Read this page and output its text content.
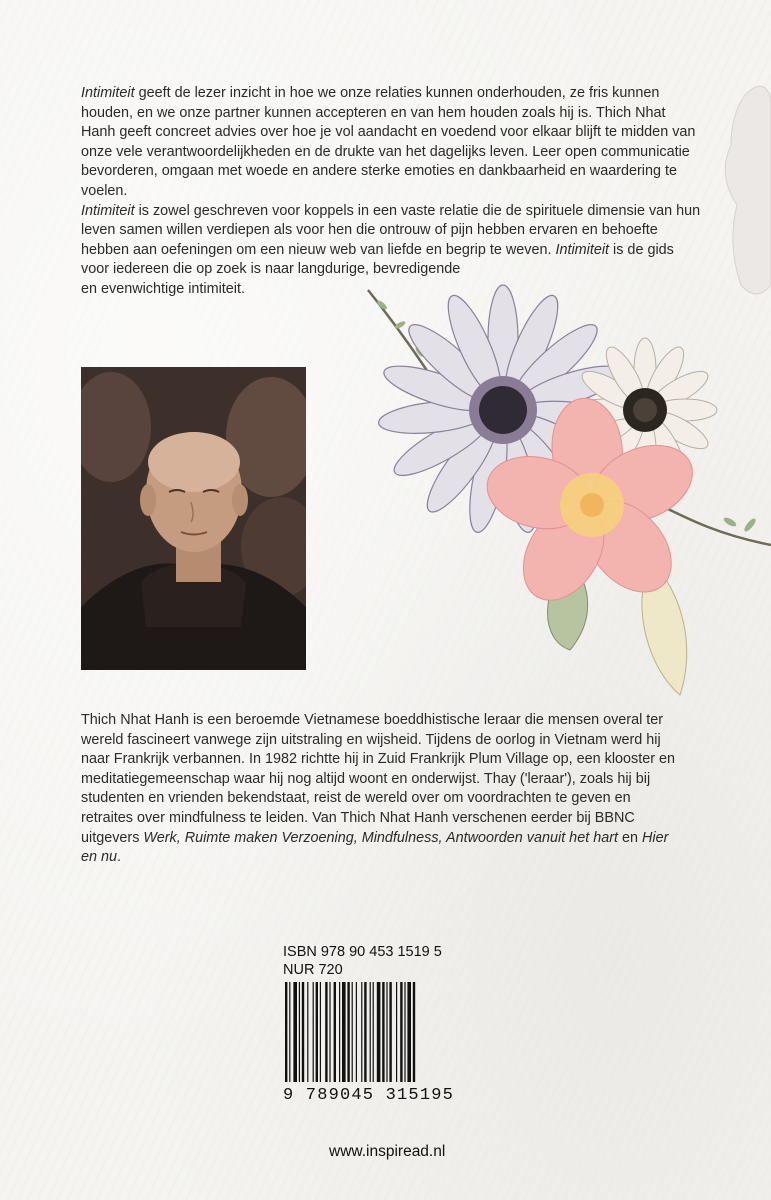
Intimiteit geeft de lezer inzicht in hoe we onze relaties kunnen onderhouden, ze fris kunnen houden, en we onze partner kunnen accepteren en van hem houden zoals hij is. Thich Nhat Hanh geeft concreet advies over hoe je vol aandacht en voedend voor elkaar blijft te midden van onze vele verantwoordelijkheden en de drukte van het dagelijks leven. Leer open communicatie bevorderen, omgaan met woede en andere sterke emoties en dankbaarheid en waardering te voelen.

Intimiteit is zowel geschreven voor koppels in een vaste relatie die de spirituele dimensie van hun leven samen willen verdiepen als voor hen die ontrouw of pijn hebben ervaren en behoefte hebben aan oefeningen om een nieuw web van liefde en begrip te weven. Intimiteit is de gids voor iedereen die op zoek is naar langdurige, bevredigende

en evenwichtige intimiteit.

Thich Nhat Hanh is een beroemde Vietnamese boeddhistische leraar die mensen overal ter wereld fascineert vanwege zijn uitstraling en wijsheid. Tijdens de oorlog in Vietnam werd hij naar Frankrijk verbannen. In 1982 richtte hij in Zuid Frankrijk Plum Village op, een klooster en meditatiegemeenschap waar hij nog altijd woont en onderwijst. Thay ('leraar'), zoals hij bij studenten en vrienden bekendstaat, reist de wereld over om voordrachten te geven en retraites over mindfulness te leiden. Van Thich Nhat Hanh verschenen eerder bij BBNC uitgevers Werk, Ruimte maken Verzoening, Mindfulness, Antwoorden vanuit het hart en Hier en nu.

ISBN 978 90 453 1519 5
NUR 720
9 789045 315195
www.inspiread.nl
